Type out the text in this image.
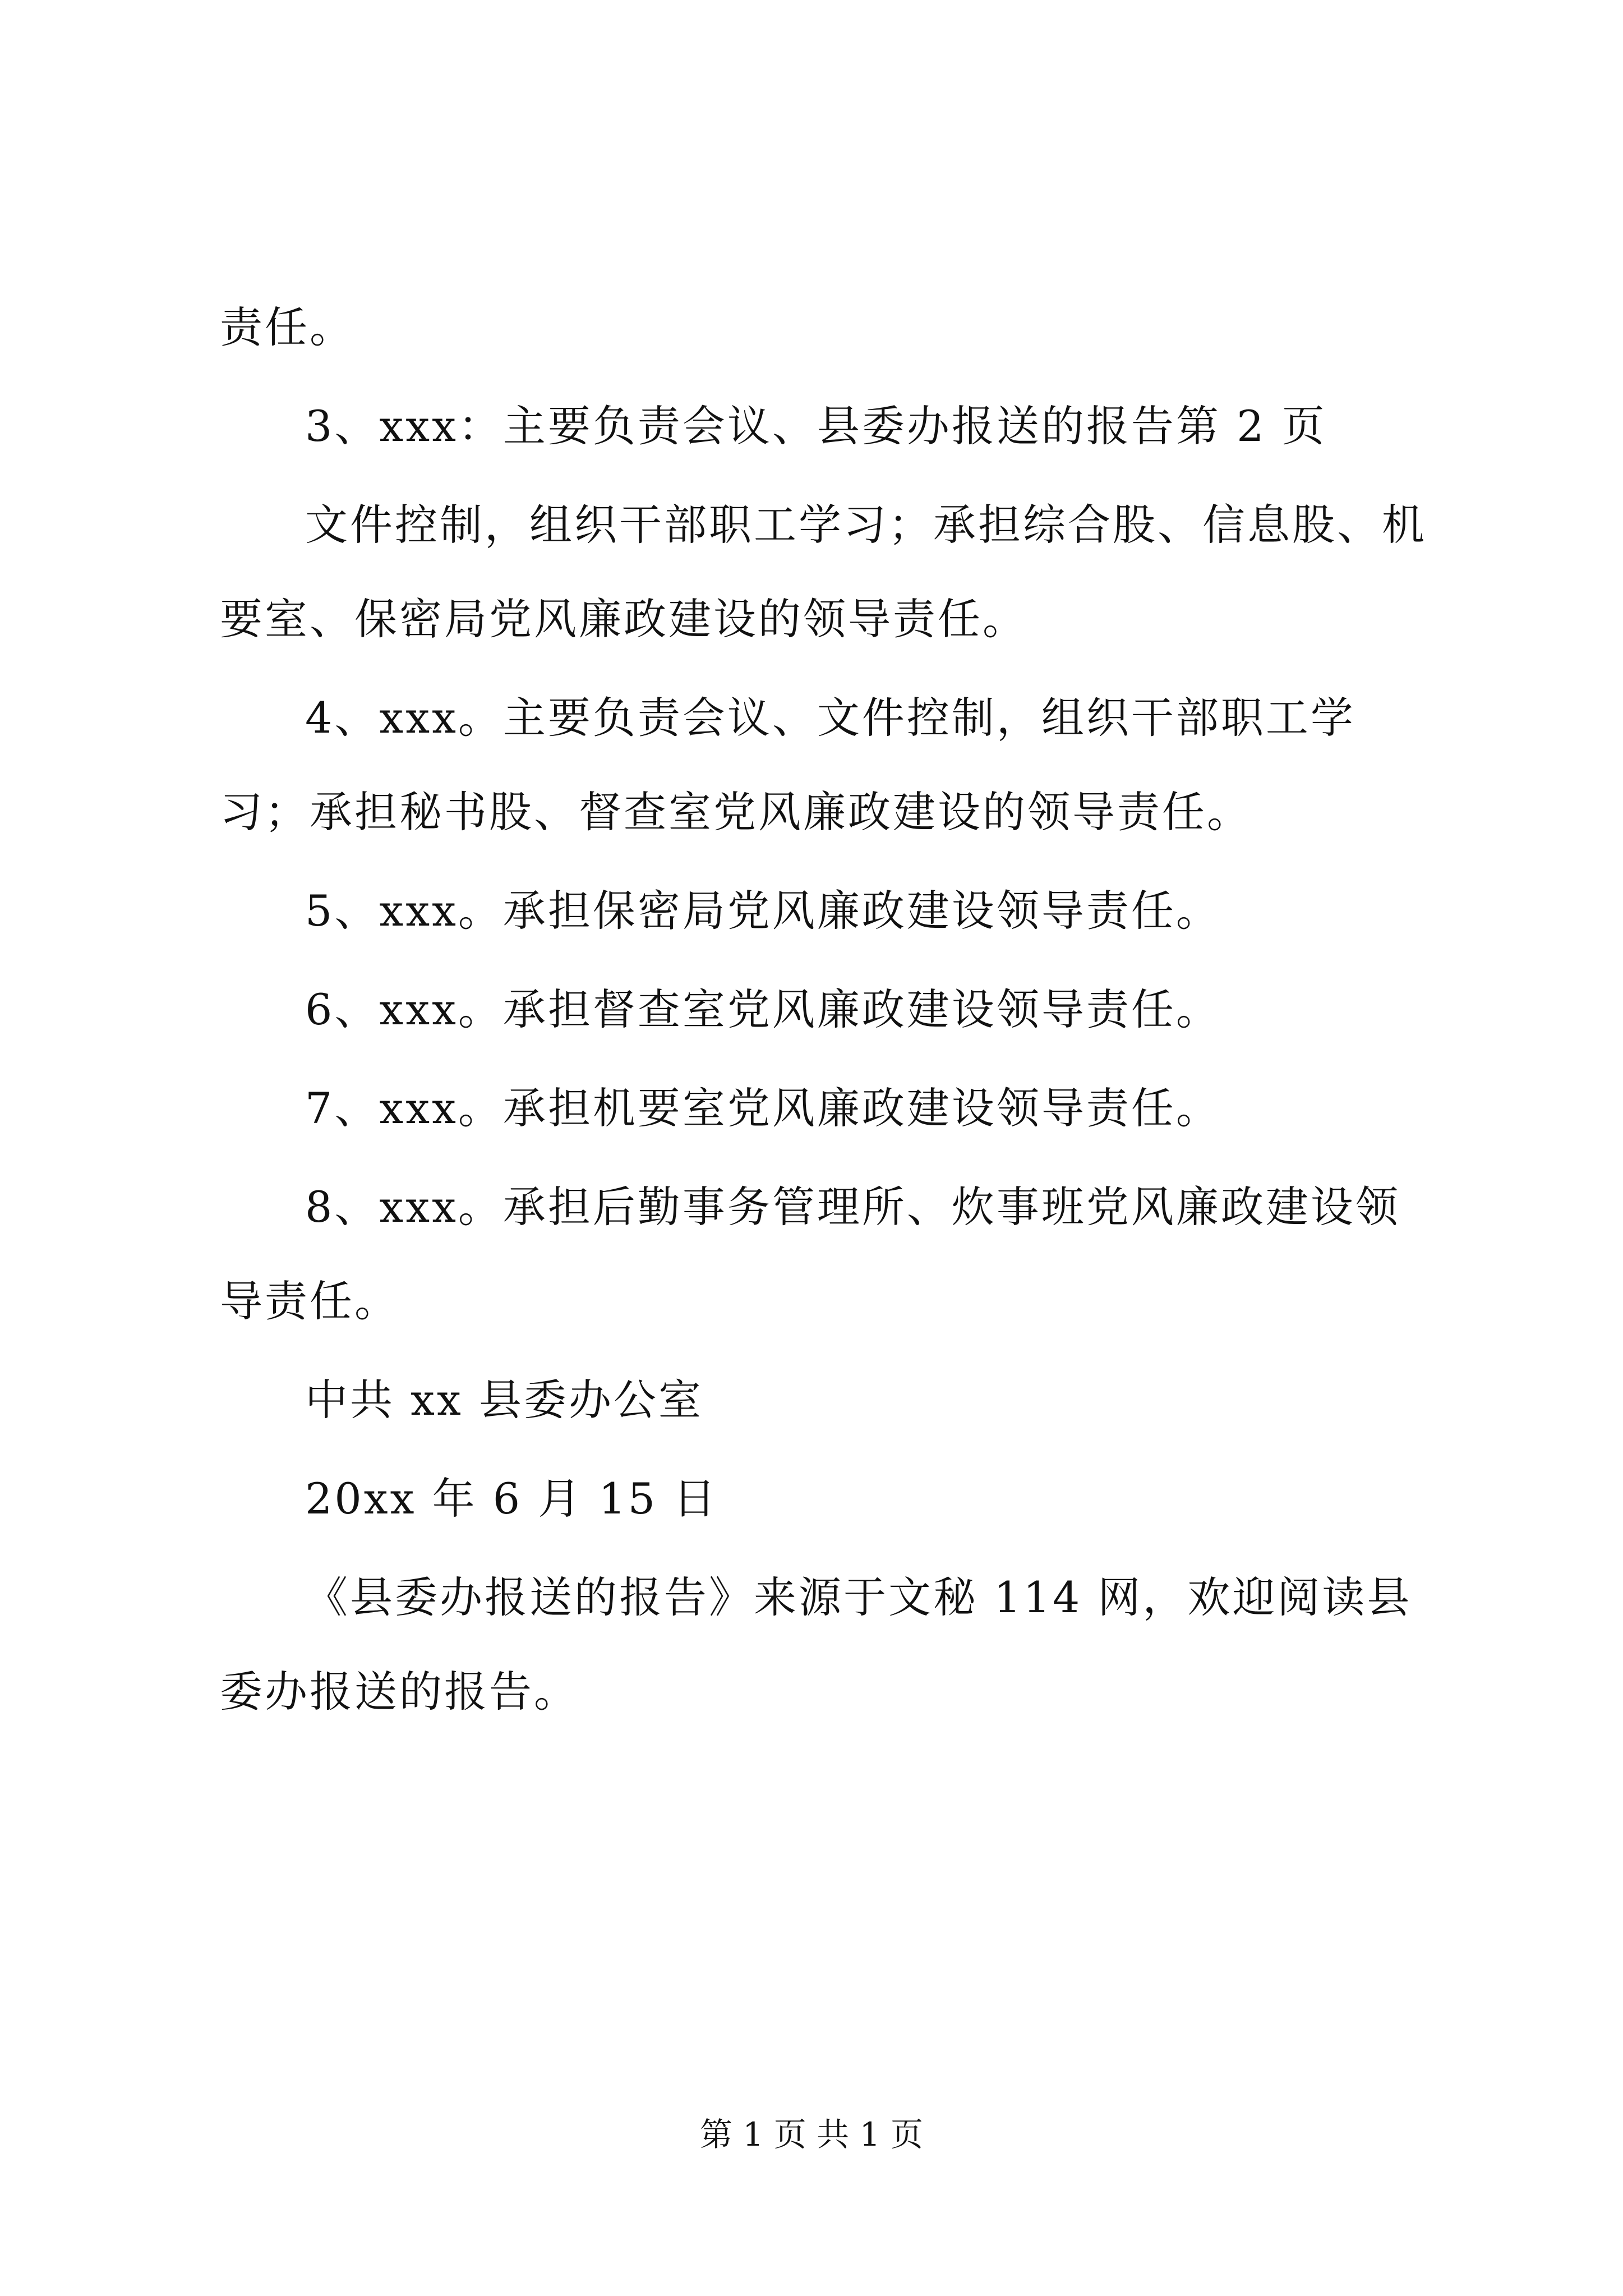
责任。

3、xxx：主要负责会议、县委办报送的报告第 2 页

文件控制，组织干部职工学习；承担综合股、信息股、机要室、保密局党风廉政建设的领导责任。

4、xxx。主要负责会议、文件控制，组织干部职工学习；承担秘书股、督查室党风廉政建设的领导责任。

5、xxx。承担保密局党风廉政建设领导责任。

6、xxx。承担督查室党风廉政建设领导责任。

7、xxx。承担机要室党风廉政建设领导责任。

8、xxx。承担后勤事务管理所、炊事班党风廉政建设领导责任。

中共 xx 县委办公室

20xx 年 6 月 15 日

《县委办报送的报告》来源于文秘 114 网，欢迎阅读县委办报送的报告。

第 1 页 共 1 页
